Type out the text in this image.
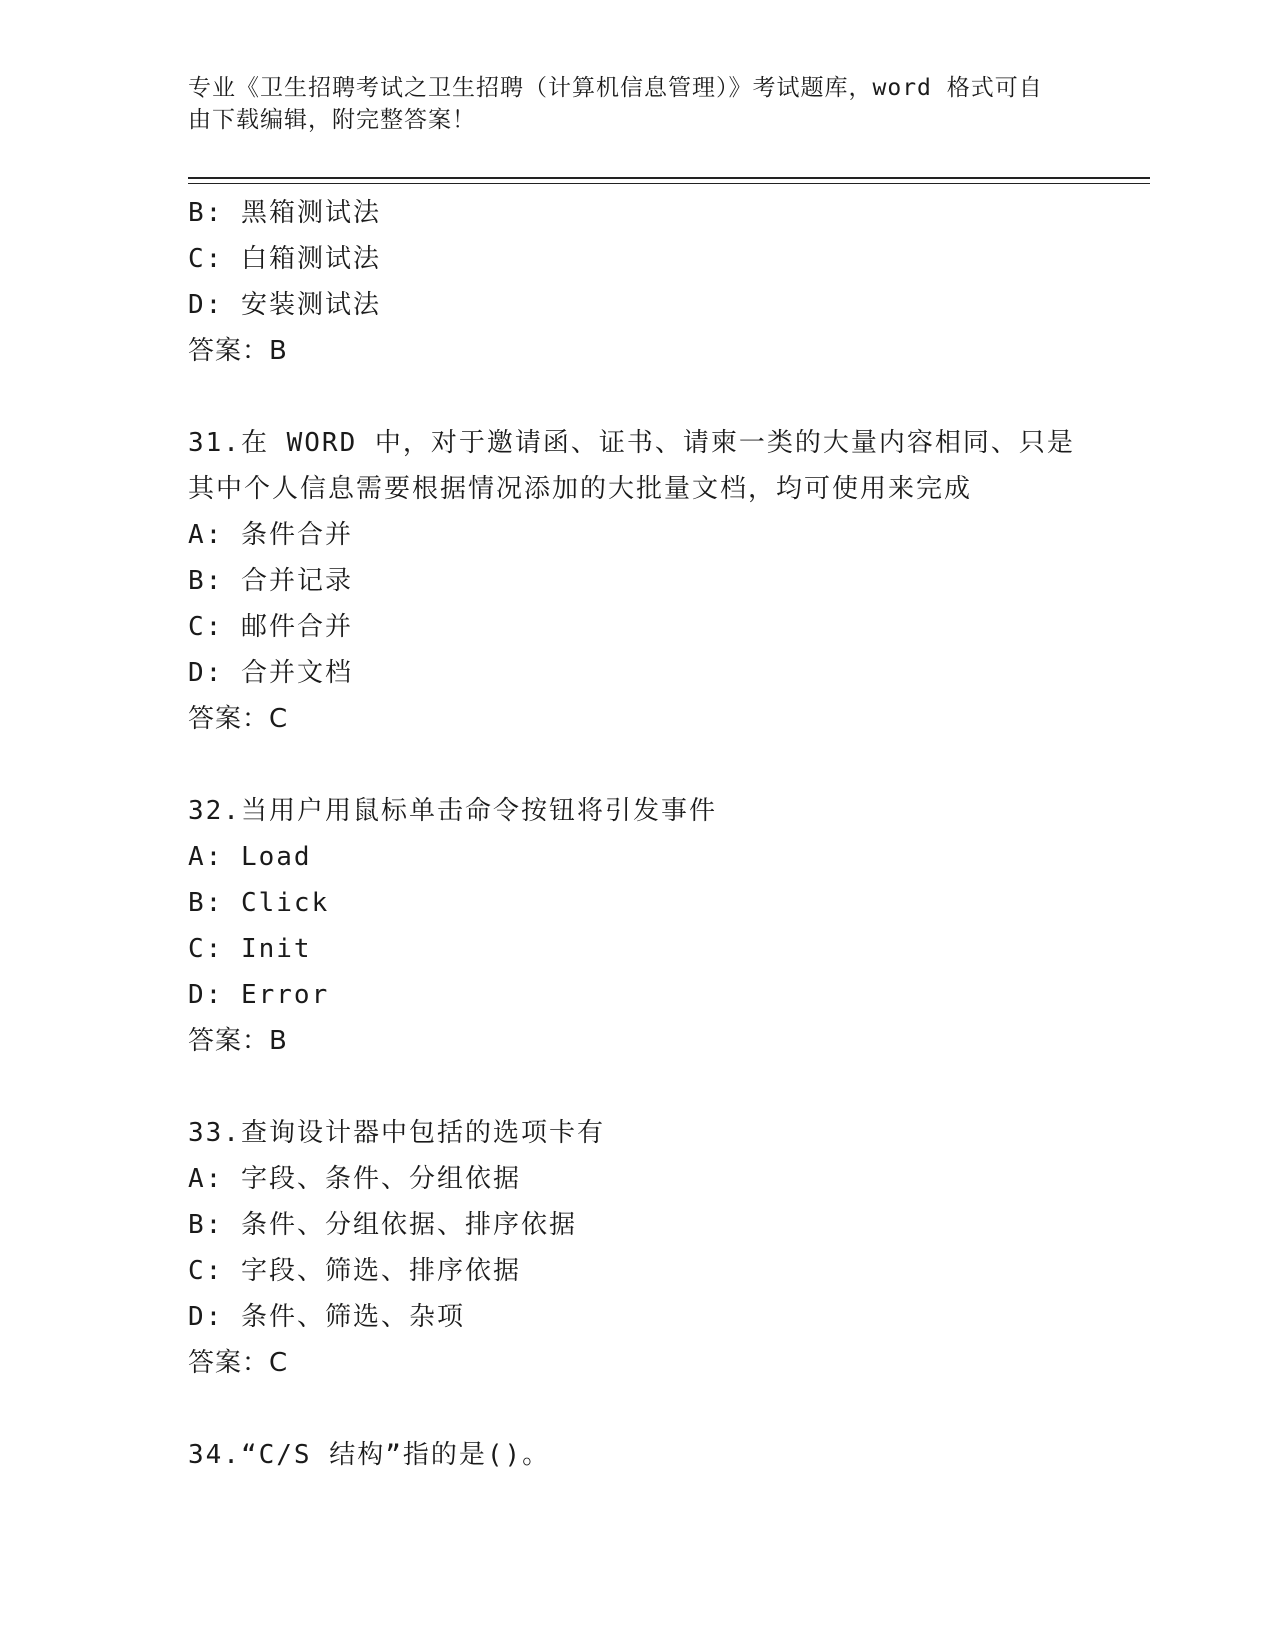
专业《卫生招聘考试之卫生招聘（计算机信息管理）》考试题库，word 格式可自
由下载编辑，附完整答案！
B: 黑箱测试法
C: 白箱测试法
D: 安装测试法
答案：B
31.在 WORD 中，对于邀请函、证书、请柬一类的大量内容相同、只是
其中个人信息需要根据情况添加的大批量文档，均可使用来完成
A: 条件合并
B: 合并记录
C: 邮件合并
D: 合并文档
答案：C
32.当用户用鼠标单击命令按钮将引发事件
A: Load
B: Click
C: Init
D: Error
答案：B
33.查询设计器中包括的选项卡有
A: 字段、条件、分组依据
B: 条件、分组依据、排序依据
C: 字段、筛选、排序依据
D: 条件、筛选、杂项
答案：C
34.“C/S 结构”指的是()。
